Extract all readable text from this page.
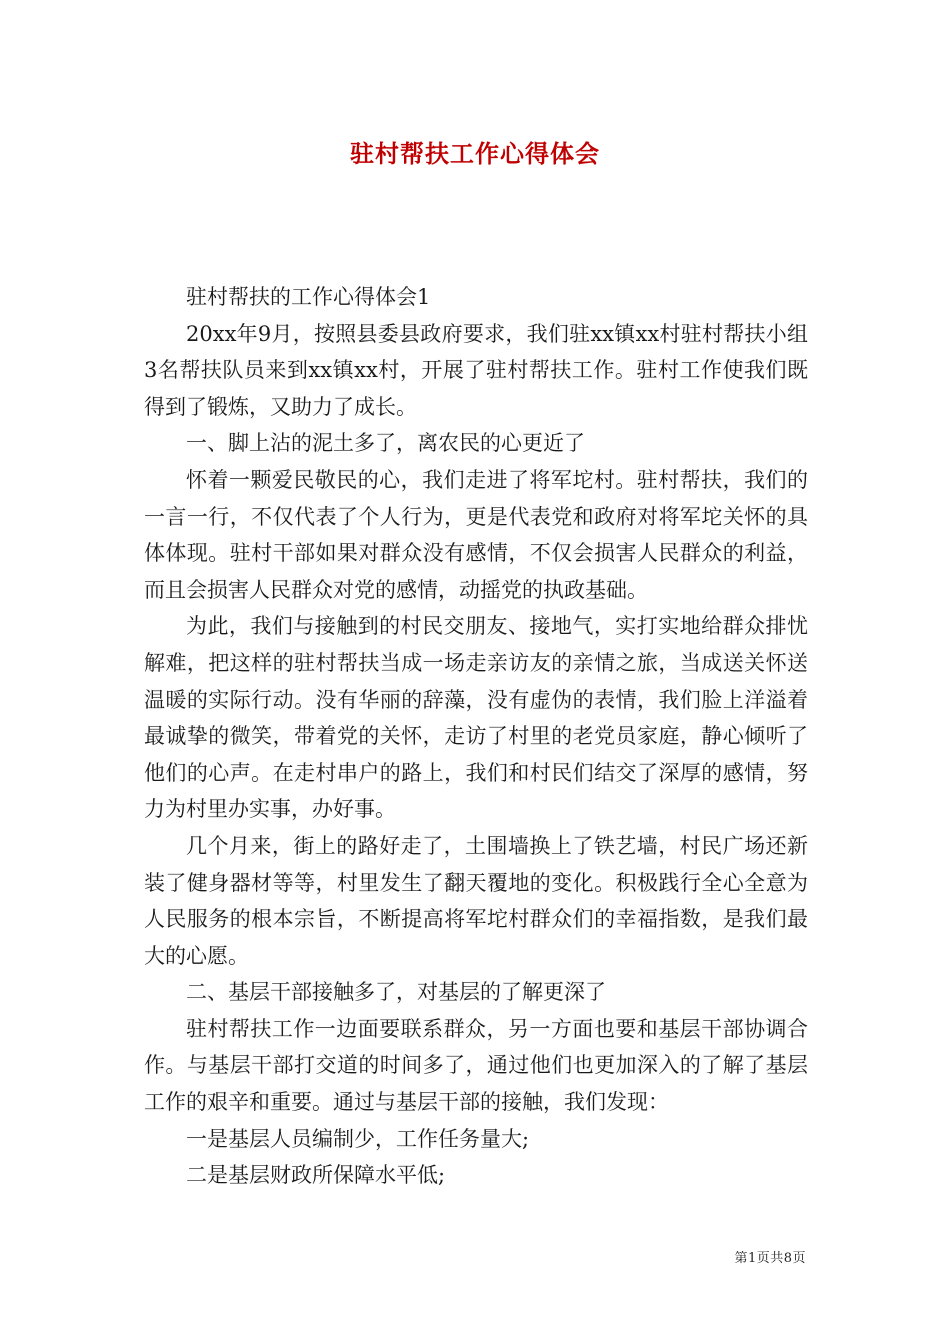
驻村帮扶工作心得体会

驻村帮扶的工作心得体会1

20xx年9月，按照县委县政府要求，我们驻xx镇xx村驻村帮扶小组3名帮扶队员来到xx镇xx村，开展了驻村帮扶工作。驻村工作使我们既得到了锻炼，又助力了成长。

一、脚上沾的泥土多了，离农民的心更近了

怀着一颗爱民敬民的心，我们走进了将军坨村。驻村帮扶，我们的一言一行，不仅代表了个人行为，更是代表党和政府对将军坨关怀的具体体现。驻村干部如果对群众没有感情，不仅会损害人民群众的利益，而且会损害人民群众对党的感情，动摇党的执政基础。

为此，我们与接触到的村民交朋友、接地气，实打实地给群众排忧解难，把这样的驻村帮扶当成一场走亲访友的亲情之旅，当成送关怀送温暖的实际行动。没有华丽的辞藻，没有虚伪的表情，我们脸上洋溢着最诚挚的微笑，带着党的关怀，走访了村里的老党员家庭，静心倾听了他们的心声。在走村串户的路上，我们和村民们结交了深厚的感情，努力为村里办实事，办好事。

几个月来，街上的路好走了，土围墙换上了铁艺墙，村民广场还新装了健身器材等等，村里发生了翻天覆地的变化。积极践行全心全意为人民服务的根本宗旨，不断提高将军坨村群众们的幸福指数，是我们最大的心愿。

二、基层干部接触多了，对基层的了解更深了

驻村帮扶工作一边面要联系群众，另一方面也要和基层干部协调合作。与基层干部打交道的时间多了，通过他们也更加深入的了解了基层工作的艰辛和重要。通过与基层干部的接触，我们发现：

一是基层人员编制少，工作任务量大;

二是基层财政所保障水平低;

第1页共8页
